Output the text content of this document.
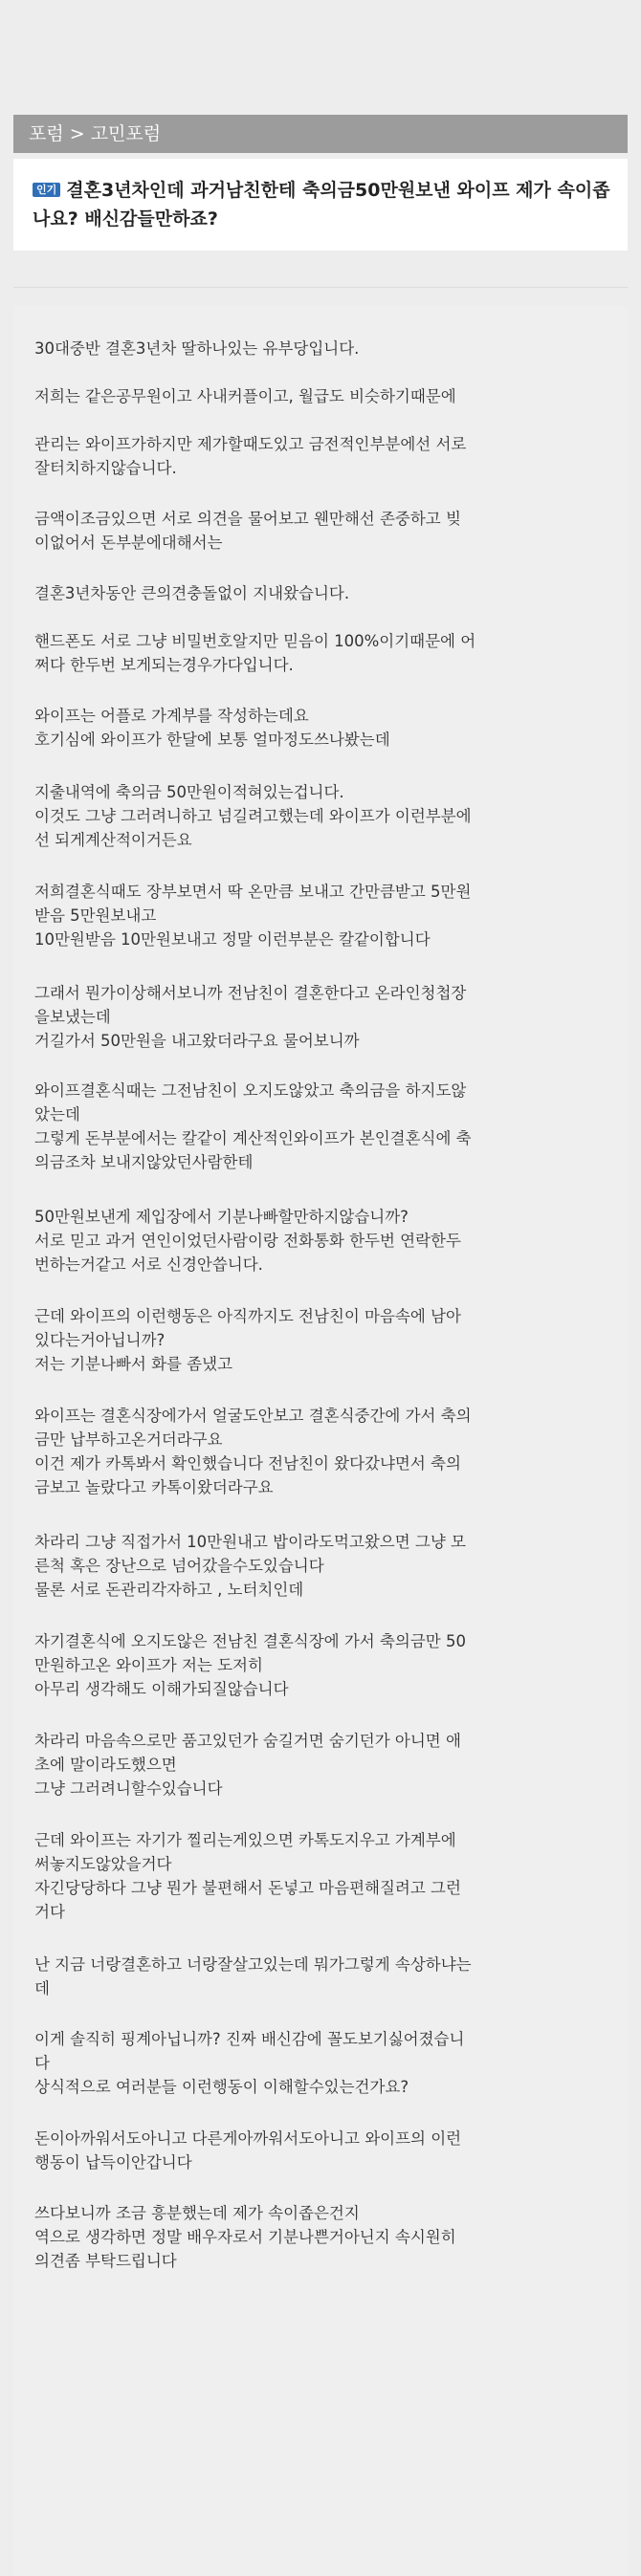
포럼 > 고민포럼
인기 결혼3년차인데 과거남친한테 축의금50만원보낸 와이프 제가 속이좁나요? 배신감들만하죠?
30대중반 결혼3년차 딸하나있는 유부당입니다.
저희는 같은공무원이고 사내커플이고, 월급도 비슷하기때문에
관리는 와이프가하지만 제가할때도있고 금전적인부분에선 서로
잘터치하지않습니다.
금액이조금있으면 서로 의견을 물어보고 웬만해선 존중하고 빚
이없어서 돈부분에대해서는
결혼3년차동안 큰의견충돌없이 지내왔습니다.
핸드폰도 서로 그냥 비밀번호알지만 믿음이 100%이기때문에 어
쩌다 한두번 보게되는경우가다입니다.
와이프는 어플로 가계부를 작성하는데요
호기심에 와이프가 한달에 보통 얼마정도쓰나봤는데
지출내역에 축의금 50만원이적혀있는겁니다.
이것도 그냥 그러려니하고 넘길려고했는데 와이프가 이런부분에
선 되게계산적이거든요
저희결혼식때도 장부보면서 딱 온만큼 보내고 간만큼받고 5만원
받음 5만원보내고
10만원받음 10만원보내고 정말 이런부분은 칼같이합니다
그래서 뭔가이상해서보니까 전남친이 결혼한다고 온라인청첩장
을보냈는데
거길가서 50만원을 내고왔더라구요 물어보니까
와이프결혼식때는 그전남친이 오지도않았고 축의금을 하지도않
았는데
그렇게 돈부분에서는 칼같이 계산적인와이프가 본인결혼식에 축
의금조차 보내지않았던사람한테
50만원보낸게 제입장에서 기분나빠할만하지않습니까?
서로 믿고 과거 연인이었던사람이랑 전화통화 한두번 연락한두
번하는거같고 서로 신경안씁니다.
근데 와이프의 이런행동은 아직까지도 전남친이 마음속에 남아
있다는거아닙니까?
저는 기분나빠서 화를 좀냈고
와이프는 결혼식장에가서 얼굴도안보고 결혼식중간에 가서 축의
금만 납부하고온거더라구요
이건 제가 카톡봐서 확인했습니다 전남친이 왔다갔냐면서 축의
금보고 놀랐다고 카톡이왔더라구요
차라리 그냥 직접가서 10만원내고 밥이라도먹고왔으면 그냥 모
른척 혹은 장난으로 넘어갔을수도있습니다
물론 서로 돈관리각자하고 , 노터치인데
자기결혼식에 오지도않은 전남친 결혼식장에 가서 축의금만 50
만원하고온 와이프가 저는 도저히
아무리 생각해도 이해가되질않습니다
차라리 마음속으로만 품고있던가 숨길거면 숨기던가 아니면 애
초에 말이라도했으면
그냥 그러려니할수있습니다
근데 와이프는 자기가 찔리는게있으면 카톡도지우고 가계부에
써놓지도않았을거다
자긴당당하다 그냥 뭔가 불편해서 돈넣고 마음편해질려고 그런
거다
난 지금 너랑결혼하고 너랑잘살고있는데 뭐가그렇게 속상하냐는
데
이게 솔직히 핑계아닙니까? 진짜 배신감에 꼴도보기싫어졌습니
다
상식적으로 여러분들 이런행동이 이해할수있는건가요?
돈이아까워서도아니고 다른게아까워서도아니고 와이프의 이런
행동이 납득이안갑니다
쓰다보니까 조금 흥분했는데 제가 속이좁은건지
역으로 생각하면 정말 배우자로서 기분나쁜거아닌지 속시원히
의견좀 부탁드립니다
